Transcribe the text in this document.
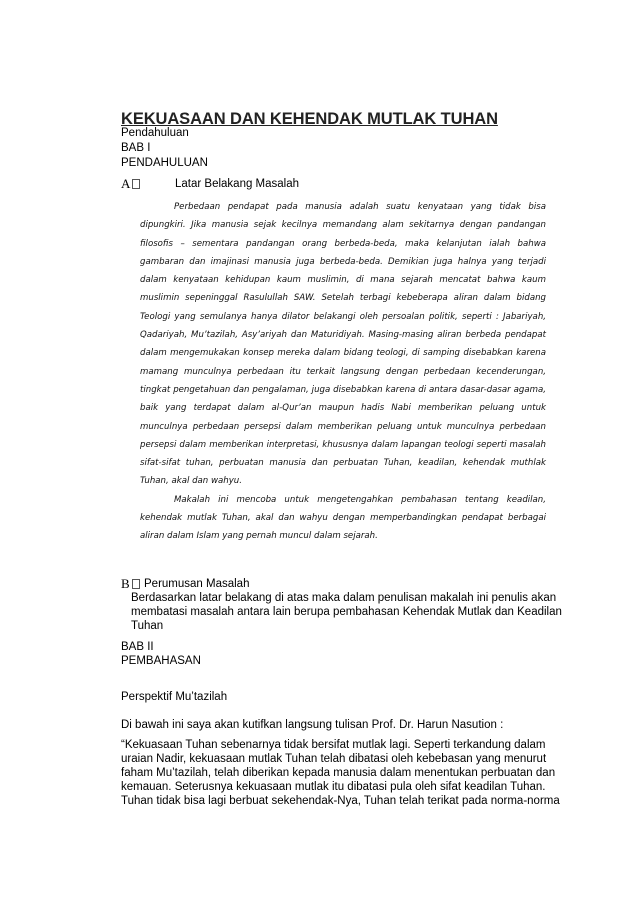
KEKUASAAN DAN KEHENDAK MUTLAK TUHAN
Pendahuluan
BAB I
PENDAHULUAN
A	Latar Belakang Masalah

Perbedaan pendapat pada manusia adalah suatu kenyataan yang tidak bisa dipungkiri. Jika manusia sejak kecilnya memandang alam sekitarnya dengan pandangan filosofis – sementara pandangan orang berbeda-beda, maka kelanjutan ialah bahwa gambaran dan imajinasi manusia juga berbeda-beda. Demikian juga halnya yang terjadi dalam kenyataan kehidupan kaum muslimin, di mana sejarah mencatat bahwa kaum muslimin sepeninggal Rasulullah SAW. Setelah terbagi kebeberapa aliran dalam bidang Teologi yang semulanya hanya dilator belakangi oleh persoalan politik, seperti : Jabariyah, Qadariyah, Mu’tazilah, Asy’ariyah dan Maturidiyah. Masing-masing aliran berbeda pendapat dalam mengemukakan konsep mereka dalam bidang teologi, di samping disebabkan karena mamang munculnya perbedaan itu terkait langsung dengan perbedaan kecenderungan, tingkat pengetahuan dan pengalaman, juga disebabkan karena di antara dasar-dasar agama, baik yang terdapat dalam al-Qur’an maupun hadis Nabi memberikan peluang untuk munculnya perbedaan persepsi dalam memberikan peluang untuk munculnya perbedaan persepsi dalam memberikan interpretasi, khususnya dalam lapangan teologi seperti masalah sifat-sifat tuhan, perbuatan manusia dan perbuatan Tuhan, keadilan, kehendak muthlak Tuhan, akal dan wahyu.

Makalah ini mencoba untuk mengetengahkan pembahasan tentang keadilan, kehendak mutlak Tuhan, akal dan wahyu dengan memperbandingkan pendapat berbagai aliran dalam Islam yang pernah muncul dalam sejarah.

B	Perumusan Masalah
Berdasarkan latar belakang di atas maka dalam penulisan makalah ini penulis akan
membatasi masalah antara lain berupa pembahasan Kehendak Mutlak dan Keadilan
Tuhan
BAB II
PEMBAHASAN
Perspektif Mu’tazilah
Di bawah ini saya akan kutifkan langsung tulisan Prof. Dr. Harun Nasution :
“Kekuasaan Tuhan sebenarnya tidak bersifat mutlak lagi. Seperti terkandung dalam
uraian Nadir, kekuasaan mutlak Tuhan telah dibatasi oleh kebebasan yang menurut
faham Mu’tazilah, telah diberikan kepada manusia dalam menentukan perbuatan dan
kemauan. Seterusnya kekuasaan mutlak itu dibatasi pula oleh sifat keadilan Tuhan.
Tuhan tidak bisa lagi berbuat sekehendak-Nya, Tuhan telah terikat pada norma-norma
